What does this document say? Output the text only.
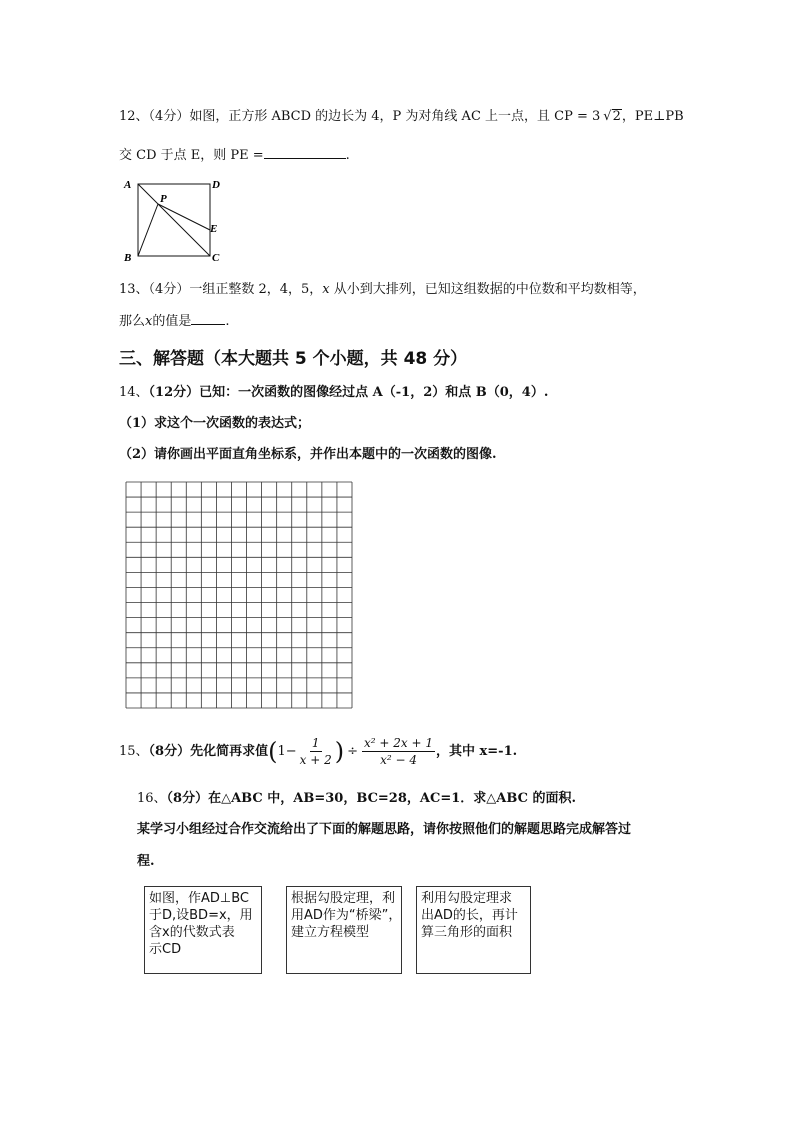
12、（4分）如图，正方形 ABCD 的边长为 4，P 为对角线 AC 上一点，且 CP = 3 √2，PE⊥PB
交 CD 于点 E，则 PE =	.
A	D
B	C
P
E
13、（4分）一组正整数 2，4，5，x 从小到大排列，已知这组数据的中位数和平均数相等，
那么x的值是	.
三、解答题（本大题共 5 个小题，共 48 分）
14、（12分）已知：一次函数的图像经过点 A（-1，2）和点 B（0，4）.
（1）求这个一次函数的表达式；
（2）请你画出平面直角坐标系，并作出本题中的一次函数的图像.
15、（8分）先化简再求值($1- \frac{1}{x + 2}$ ) ÷ $\frac{\text{x² + 2x + 1}}{\text{x² − 4}}$ ，其中 x=-1.
16、（8分）在△ABC 中，AB=30，BC=28，AC=1．求△ABC 的面积.
某学习小组经过合作交流给出了下面的解题思路，请你按照他们的解题思路完成解答过
程.
如图，作AD⊥BC
于D,设BD=x，用
含x的代数式表
示CD
根据勾股定理，利
用AD作为“桥梁”，
建立方程模型
利用勾股定理求
出AD的长，再计
算三角形的面积
